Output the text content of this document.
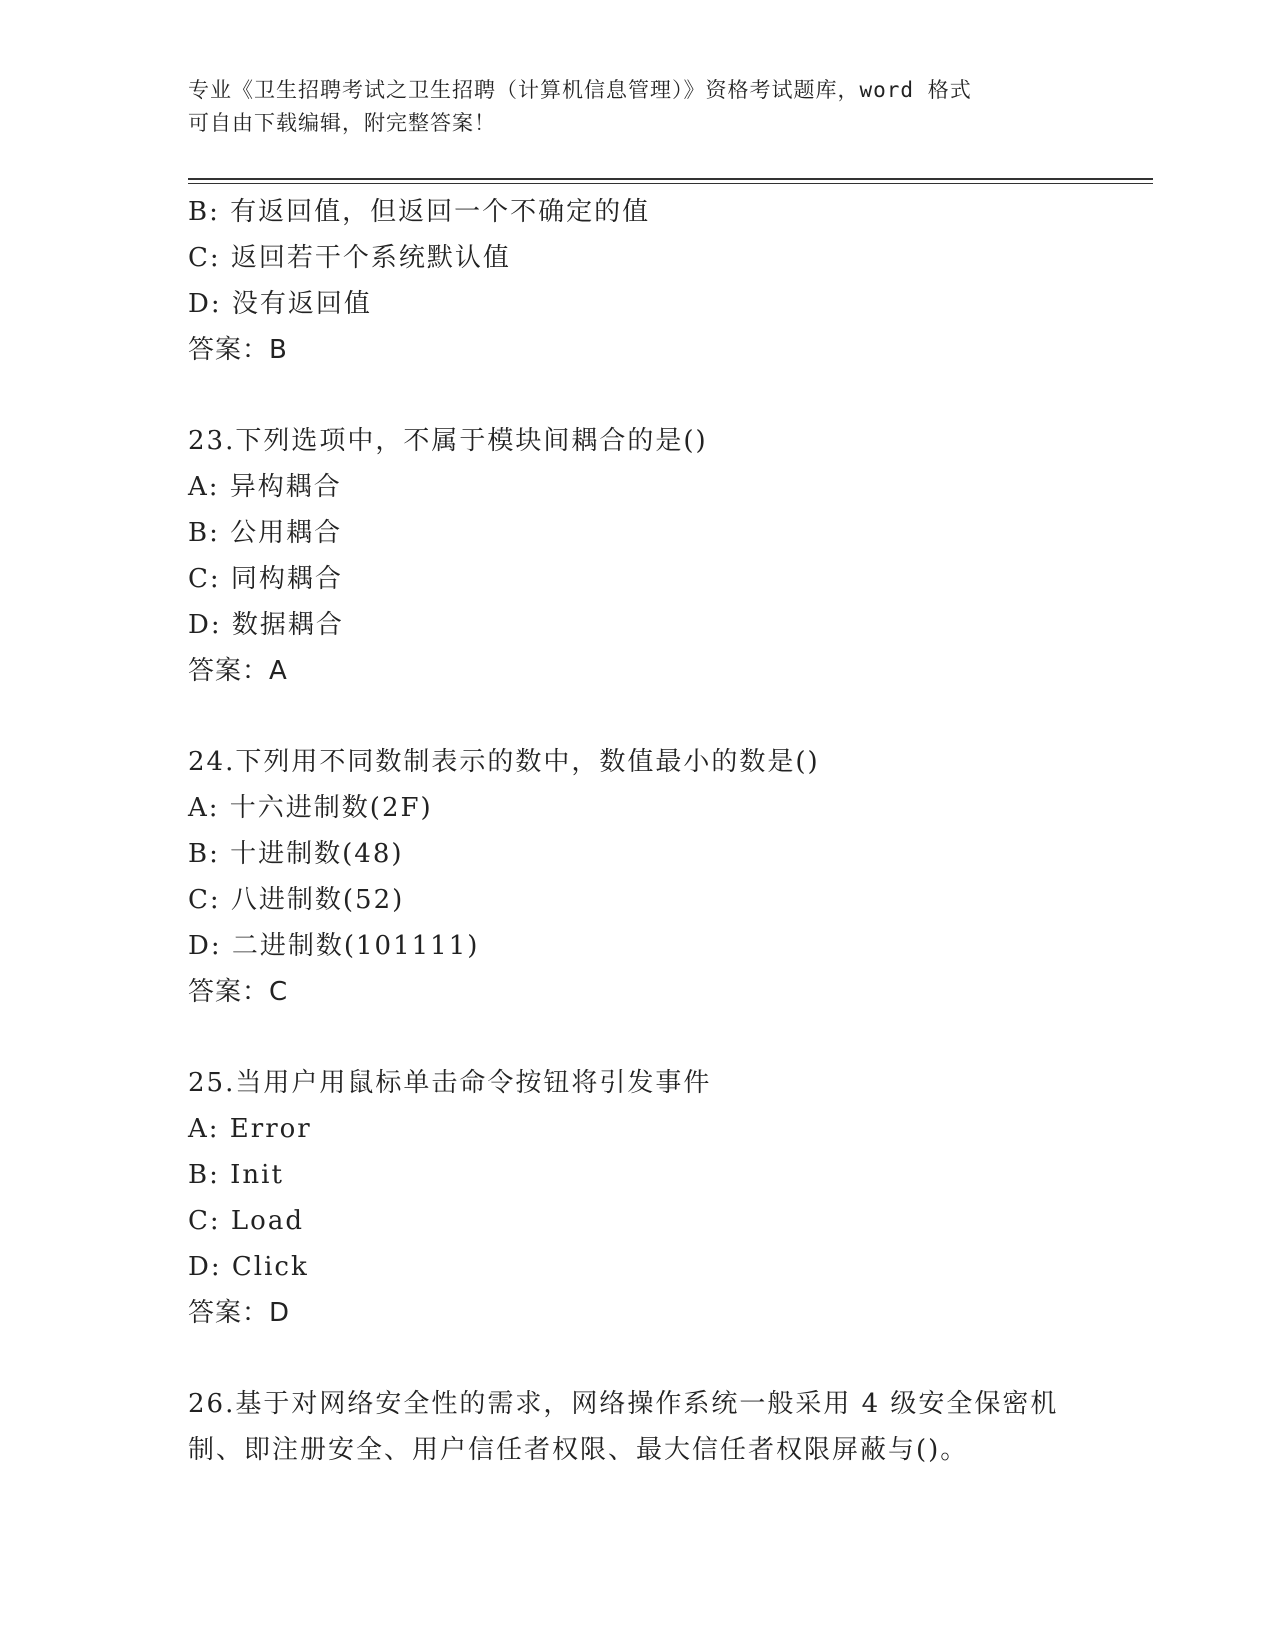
专业《卫生招聘考试之卫生招聘（计算机信息管理）》资格考试题库，word 格式
可自由下载编辑，附完整答案！
B: 有返回值，但返回一个不确定的值
C: 返回若干个系统默认值
D: 没有返回值
答案：B
23.下列选项中，不属于模块间耦合的是()
A: 异构耦合
B: 公用耦合
C: 同构耦合
D: 数据耦合
答案：A
24.下列用不同数制表示的数中，数值最小的数是()
A: 十六进制数(2F)
B: 十进制数(48)
C: 八进制数(52)
D: 二进制数(101111)
答案：C
25.当用户用鼠标单击命令按钮将引发事件
A: Error
B: Init
C: Load
D: Click
答案：D
26.基于对网络安全性的需求，网络操作系统一般采用 4 级安全保密机
制、即注册安全、用户信任者权限、最大信任者权限屏蔽与()。
